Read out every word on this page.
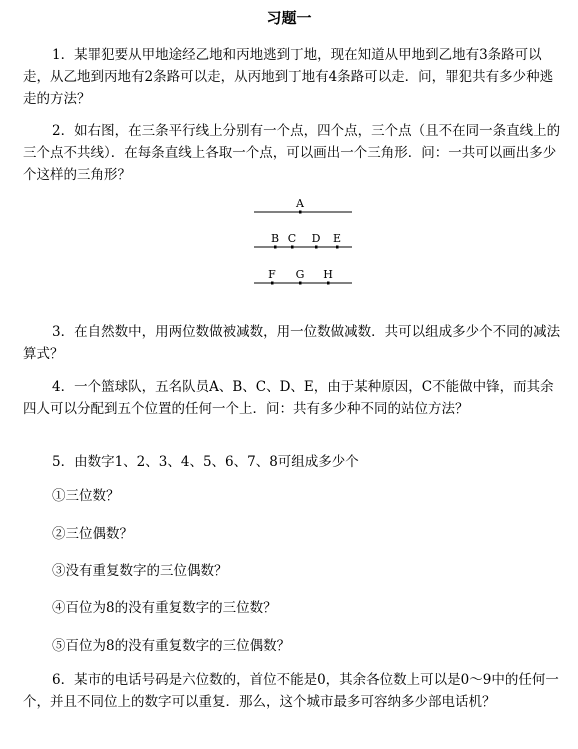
习题一

1．某罪犯要从甲地途经乙地和丙地逃到丁地，现在知道从甲地到乙地有3条路可以走，从乙地到丙地有2条路可以走，从丙地到丁地有4条路可以走．问，罪犯共有多少种逃走的方法？

2．如右图，在三条平行线上分别有一个点，四个点，三个点（且不在同一条直线上的三个点不共线）．在每条直线上各取一个点，可以画出一个三角形．问：一共可以画出多少个这样的三角形？

A
B C D E
F G H

3．在自然数中，用两位数做被减数，用一位数做减数．共可以组成多少个不同的减法算式？

4．一个篮球队，五名队员A、B、C、D、E，由于某种原因，C不能做中锋，而其余四人可以分配到五个位置的任何一个上．问：共有多少种不同的站位方法？

5．由数字1、2、3、4、5、6、7、8可组成多少个

①三位数？

②三位偶数？

③没有重复数字的三位偶数？

④百位为8的没有重复数字的三位数？

⑤百位为8的没有重复数字的三位偶数？

6．某市的电话号码是六位数的，首位不能是0，其余各位数上可以是0～9中的任何一个，并且不同位上的数字可以重复．那么，这个城市最多可容纳多少部电话机？
